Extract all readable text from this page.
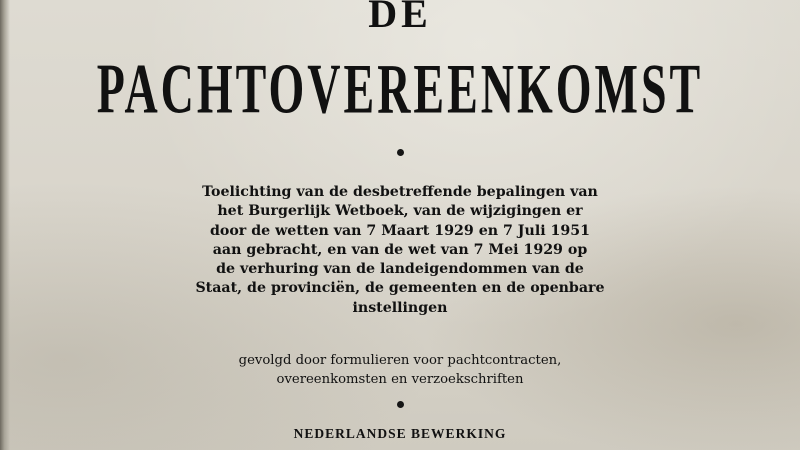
DE
PACHTOVEREENKOMST
Toelichting van de desbetreffende bepalingen van
het Burgerlijk Wetboek, van de wijzigingen er
door de wetten van 7 Maart 1929 en 7 Juli 1951
aan gebracht, en van de wet van 7 Mei 1929 op
de verhuring van de landeigendommen van de
Staat, de provinciën, de gemeenten en de openbare
instellingen
gevolgd door formulieren voor pachtcontracten,
overeenkomsten en verzoekschriften
NEDERLANDSE BEWERKING
